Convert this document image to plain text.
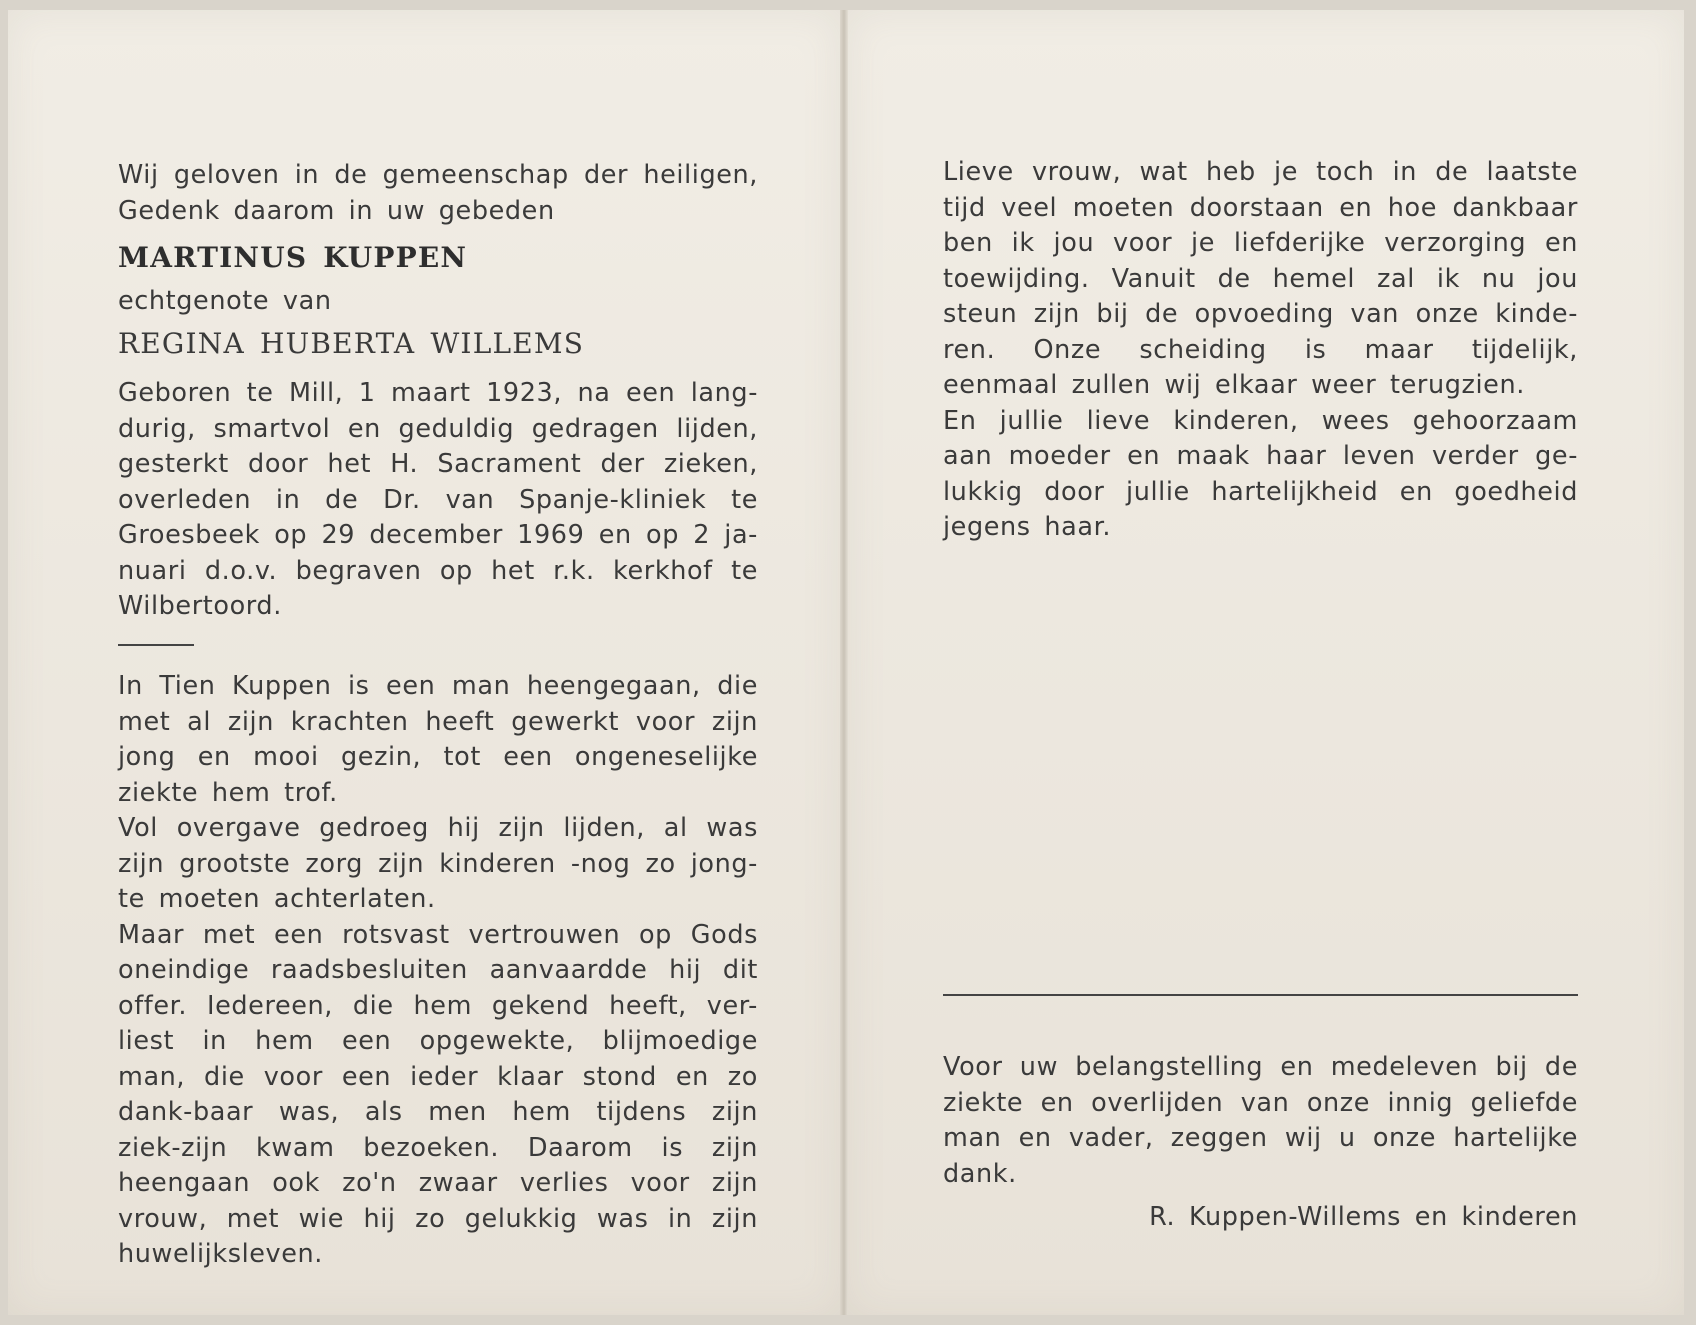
Wij geloven in de gemeenschap der heiligen,

Gedenk daarom in uw gebeden

MARTINUS KUPPEN

echtgenote van

REGINA HUBERTA WILLEMS

Geboren te Mill, 1 maart 1923, na een lang-durig, smartvol en geduldig gedragen lijden, gesterkt door het H. Sacrament der zieken, overleden in de Dr. van Spanje-kliniek te Groesbeek op 29 december 1969 en op 2 ja-nuari d.o.v. begraven op het r.k. kerkhof te Wilbertoord.

In Tien Kuppen is een man heengegaan, die met al zijn krachten heeft gewerkt voor zijn jong en mooi gezin, tot een ongeneselijke ziekte hem trof.

Vol overgave gedroeg hij zijn lijden, al was zijn grootste zorg zijn kinderen -nog zo jong-te moeten achterlaten.

Maar met een rotsvast vertrouwen op Gods oneindige raadsbesluiten aanvaardde hij dit offer. Iedereen, die hem gekend heeft, ver-liest in hem een opgewekte, blijmoedige man, die voor een ieder klaar stond en zo dank-baar was, als men hem tijdens zijn ziek-zijn kwam bezoeken. Daarom is zijn heengaan ook zo'n zwaar verlies voor zijn vrouw, met wie hij zo gelukkig was in zijn huwelijksleven.

Lieve vrouw, wat heb je toch in de laatste tijd veel moeten doorstaan en hoe dankbaar ben ik jou voor je liefderijke verzorging en toewijding. Vanuit de hemel zal ik nu jou steun zijn bij de opvoeding van onze kinde-ren. Onze scheiding is maar tijdelijk, eenmaal zullen wij elkaar weer terugzien.

En jullie lieve kinderen, wees gehoorzaam aan moeder en maak haar leven verder ge-lukkig door jullie hartelijkheid en goedheid jegens haar.

Voor uw belangstelling en medeleven bij de ziekte en overlijden van onze innig geliefde man en vader, zeggen wij u onze hartelijke dank.

R. Kuppen-Willems en kinderen
